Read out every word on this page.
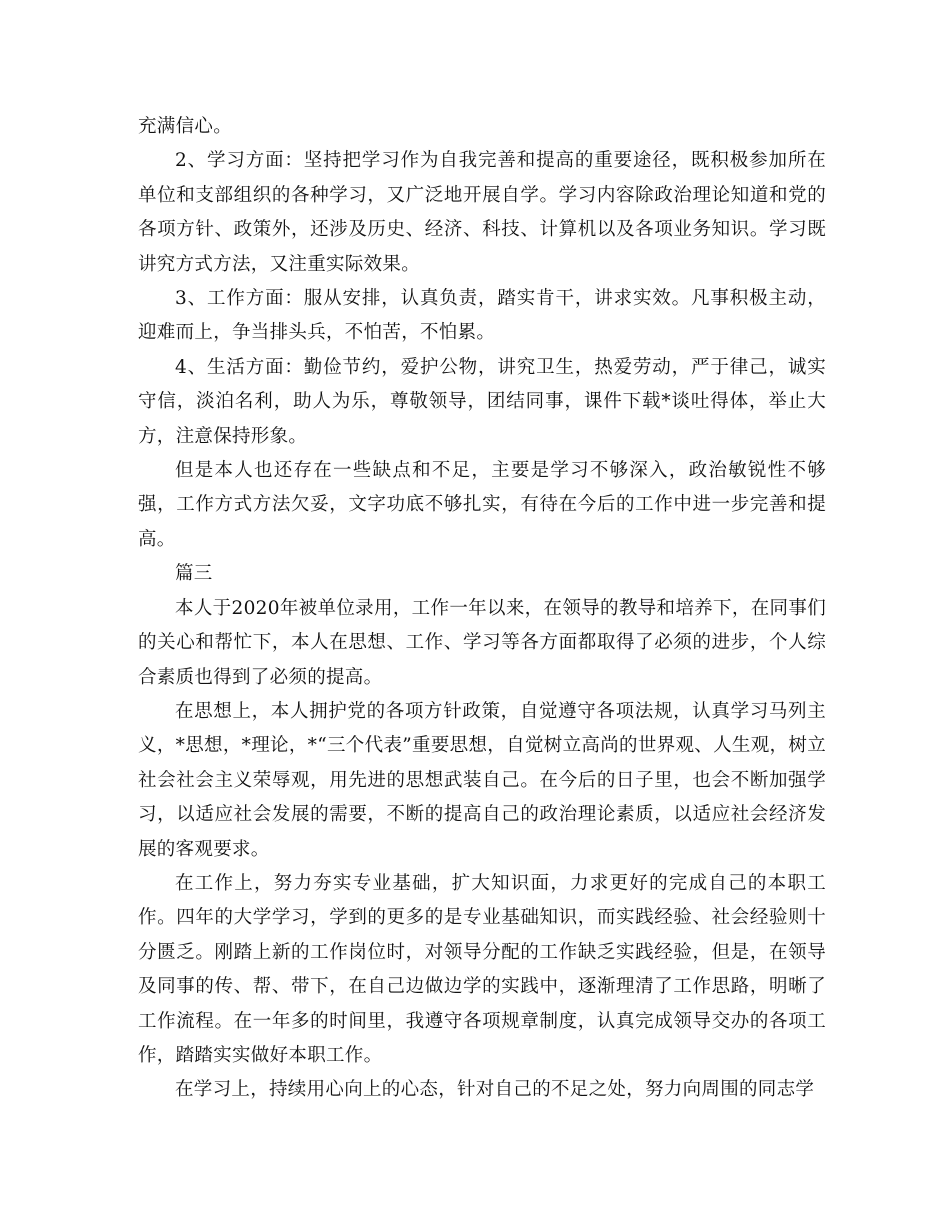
充满信心。

2、学习方面：坚持把学习作为自我完善和提高的重要途径，既积极参加所在单位和支部组织的各种学习，又广泛地开展自学。学习内容除政治理论知道和党的各项方针、政策外，还涉及历史、经济、科技、计算机以及各项业务知识。学习既讲究方式方法，又注重实际效果。

3、工作方面：服从安排，认真负责，踏实肯干，讲求实效。凡事积极主动，迎难而上，争当排头兵，不怕苦，不怕累。

4、生活方面：勤俭节约，爱护公物，讲究卫生，热爱劳动，严于律己，诚实守信，淡泊名利，助人为乐，尊敬领导，团结同事，课件下载*谈吐得体，举止大方，注意保持形象。

但是本人也还存在一些缺点和不足，主要是学习不够深入，政治敏锐性不够强，工作方式方法欠妥，文字功底不够扎实，有待在今后的工作中进一步完善和提高。

篇三

本人于2020年被单位录用，工作一年以来，在领导的教导和培养下，在同事们的关心和帮忙下，本人在思想、工作、学习等各方面都取得了必须的进步，个人综合素质也得到了必须的提高。

在思想上，本人拥护党的各项方针政策，自觉遵守各项法规，认真学习马列主义，*思想，*理论，*“三个代表”重要思想，自觉树立高尚的世界观、人生观，树立社会社会主义荣辱观，用先进的思想武装自己。在今后的日子里，也会不断加强学习，以适应社会发展的需要，不断的提高自己的政治理论素质，以适应社会经济发展的客观要求。

在工作上，努力夯实专业基础，扩大知识面，力求更好的完成自己的本职工作。四年的大学学习，学到的更多的是专业基础知识，而实践经验、社会经验则十分匮乏。刚踏上新的工作岗位时，对领导分配的工作缺乏实践经验，但是，在领导及同事的传、帮、带下，在自己边做边学的实践中，逐渐理清了工作思路，明晰了工作流程。在一年多的时间里，我遵守各项规章制度，认真完成领导交办的各项工作，踏踏实实做好本职工作。

在学习上，持续用心向上的心态，针对自己的不足之处，努力向周围的同志学
